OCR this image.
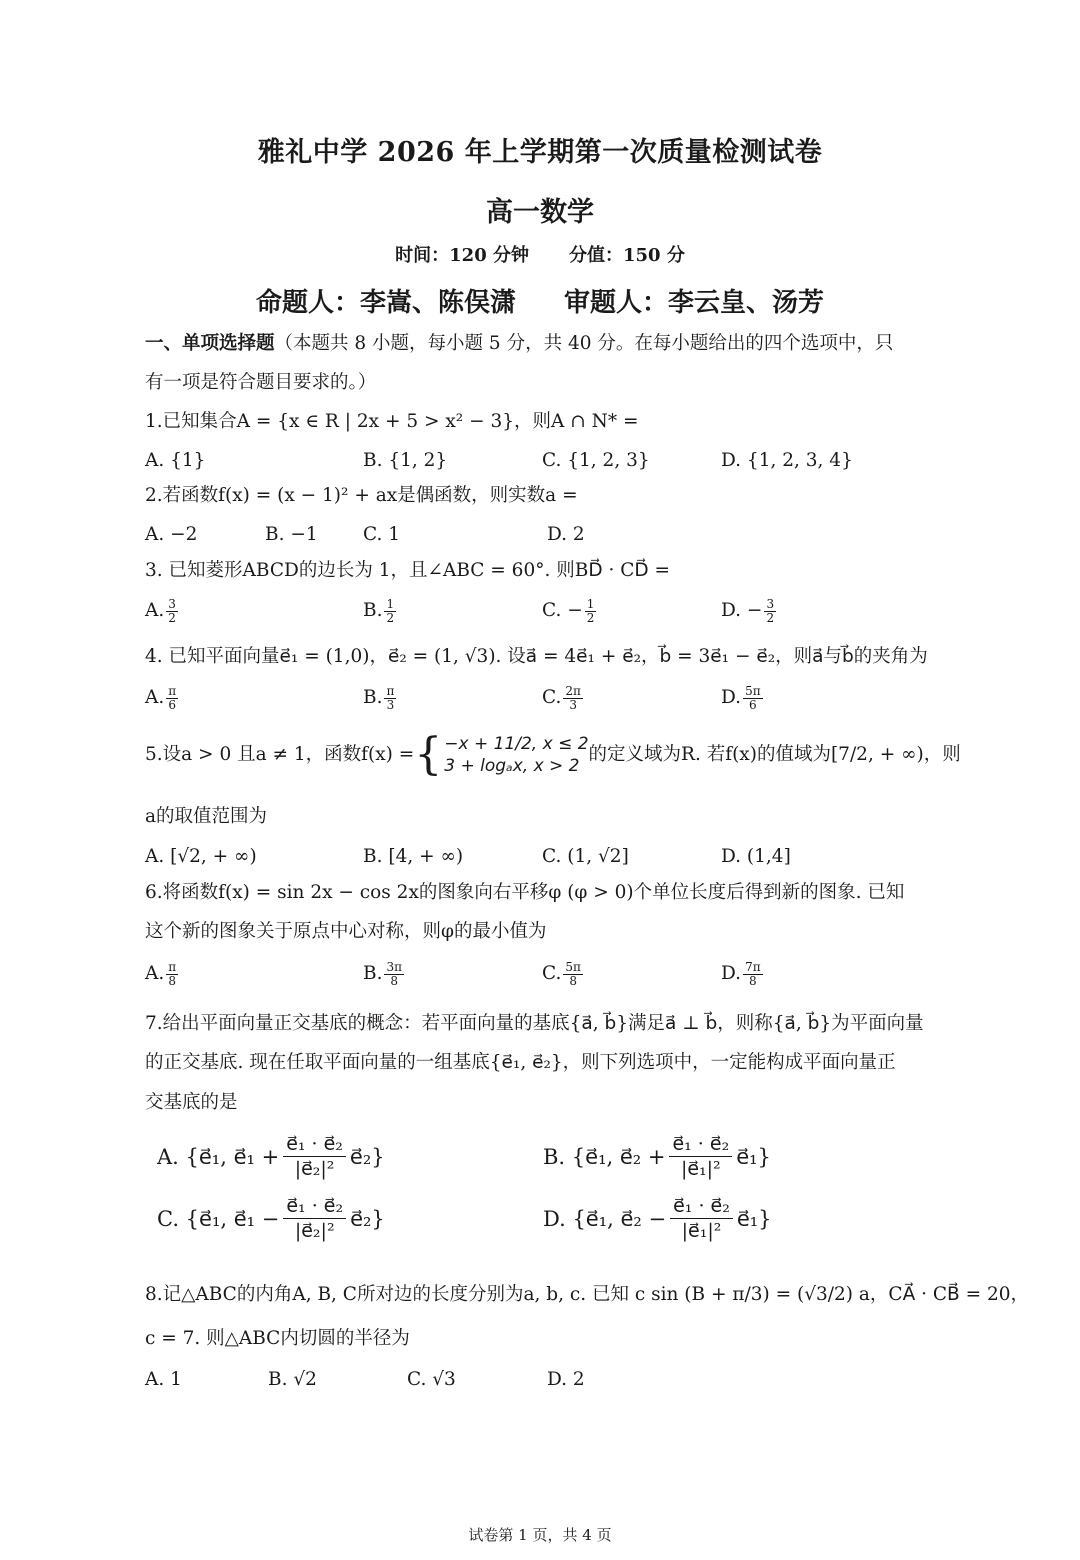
雅礼中学 2026 年上学期第一次质量检测试卷
高一数学
时间：120 分钟 分值：150 分
命题人：李嵩、陈俣潇 审题人：李云皇、汤芳
一、单项选择题（本题共 8 小题，每小题 5 分，共 40 分。在每小题给出的四个选项中，只
有一项是符合题目要求的。）
1.已知集合A = {x ∈ R | 2x + 5 > x² − 3}，则A ∩ N* =
A. {1}	B. {1, 2}	C. {1, 2, 3}	D. {1, 2, 3, 4}
2.若函数f(x) = (x − 1)² + ax是偶函数，则实数a =
A. −2	B. −1 C. 1	D. 2
3. 已知菱形ABCD的边长为 1，且∠ABC = 60°. 则BD⃗ · CD⃗ =
A. $\frac{3}{2}$	B. $\frac{1}{2}$	C. − $\frac{1}{2}$	D. − $\frac{3}{2}$
4. 已知平面向量e⃗₁ = (1,0)，e⃗₂ = (1, √3). 设a⃗ = 4e⃗₁ + e⃗₂，b⃗ = 3e⃗₁ − e⃗₂，则a⃗与b⃗的夹角为
A. $\frac{\pi}{6}$	B. $\frac{\pi}{3}$	C. $\frac{2\pi}{3}$	D. $\frac{5\pi}{6}$
5.设a > 0 且a ≠ 1，函数f(x) = { −x + 11/2, x ≤ 2
3 + logₐx, x > 2
的定义域为R. 若f(x)的值域为[7/2, + ∞)，则
a的取值范围为
A. [√2, + ∞)	B. [4, + ∞)	C. (1, √2]	D. (1,4]
6.将函数f(x) = sin 2x − cos 2x的图象向右平移φ (φ > 0)个单位长度后得到新的图象. 已知
这个新的图象关于原点中心对称，则φ的最小值为
A. $\frac{\pi}{8}$	B. $\frac{3\pi}{8}$	C. $\frac{5\pi}{8}$	D. $\frac{7\pi}{8}$
7.给出平面向量正交基底的概念：若平面向量的基底{a⃗, b⃗}满足a⃗ ⊥ b⃗，则称{a⃗, b⃗}为平面向量
的正交基底. 现在任取平面向量的一组基底{e⃗₁, e⃗₂}，则下列选项中，一定能构成平面向量正
交基底的是
A. {e⃗₁, e⃗₁ + $\frac{\text{e⃗₁ · e⃗₂}}{\text{|e⃗₂|²}}$ e⃗₂}	B. {e⃗₁, e⃗₂ + $\frac{\text{e⃗₁ · e⃗₂}}{\text{|e⃗₁|²}}$ e⃗₁}
C. {e⃗₁, e⃗₁ − $\frac{\text{e⃗₁ · e⃗₂}}{\text{|e⃗₂|²}}$ e⃗₂}	D. {e⃗₁, e⃗₂ − $\frac{\text{e⃗₁ · e⃗₂}}{\text{|e⃗₁|²}}$ e⃗₁}
8.记△ABC的内角A, B, C所对边的长度分别为a, b, c. 已知 c sin (B + π/3) = (√3/2) a，CA⃗ · CB⃗ = 20，
c = 7. 则△ABC内切圆的半径为
A. 1	B. √2	C. √3	D. 2
试卷第 1 页，共 4 页
